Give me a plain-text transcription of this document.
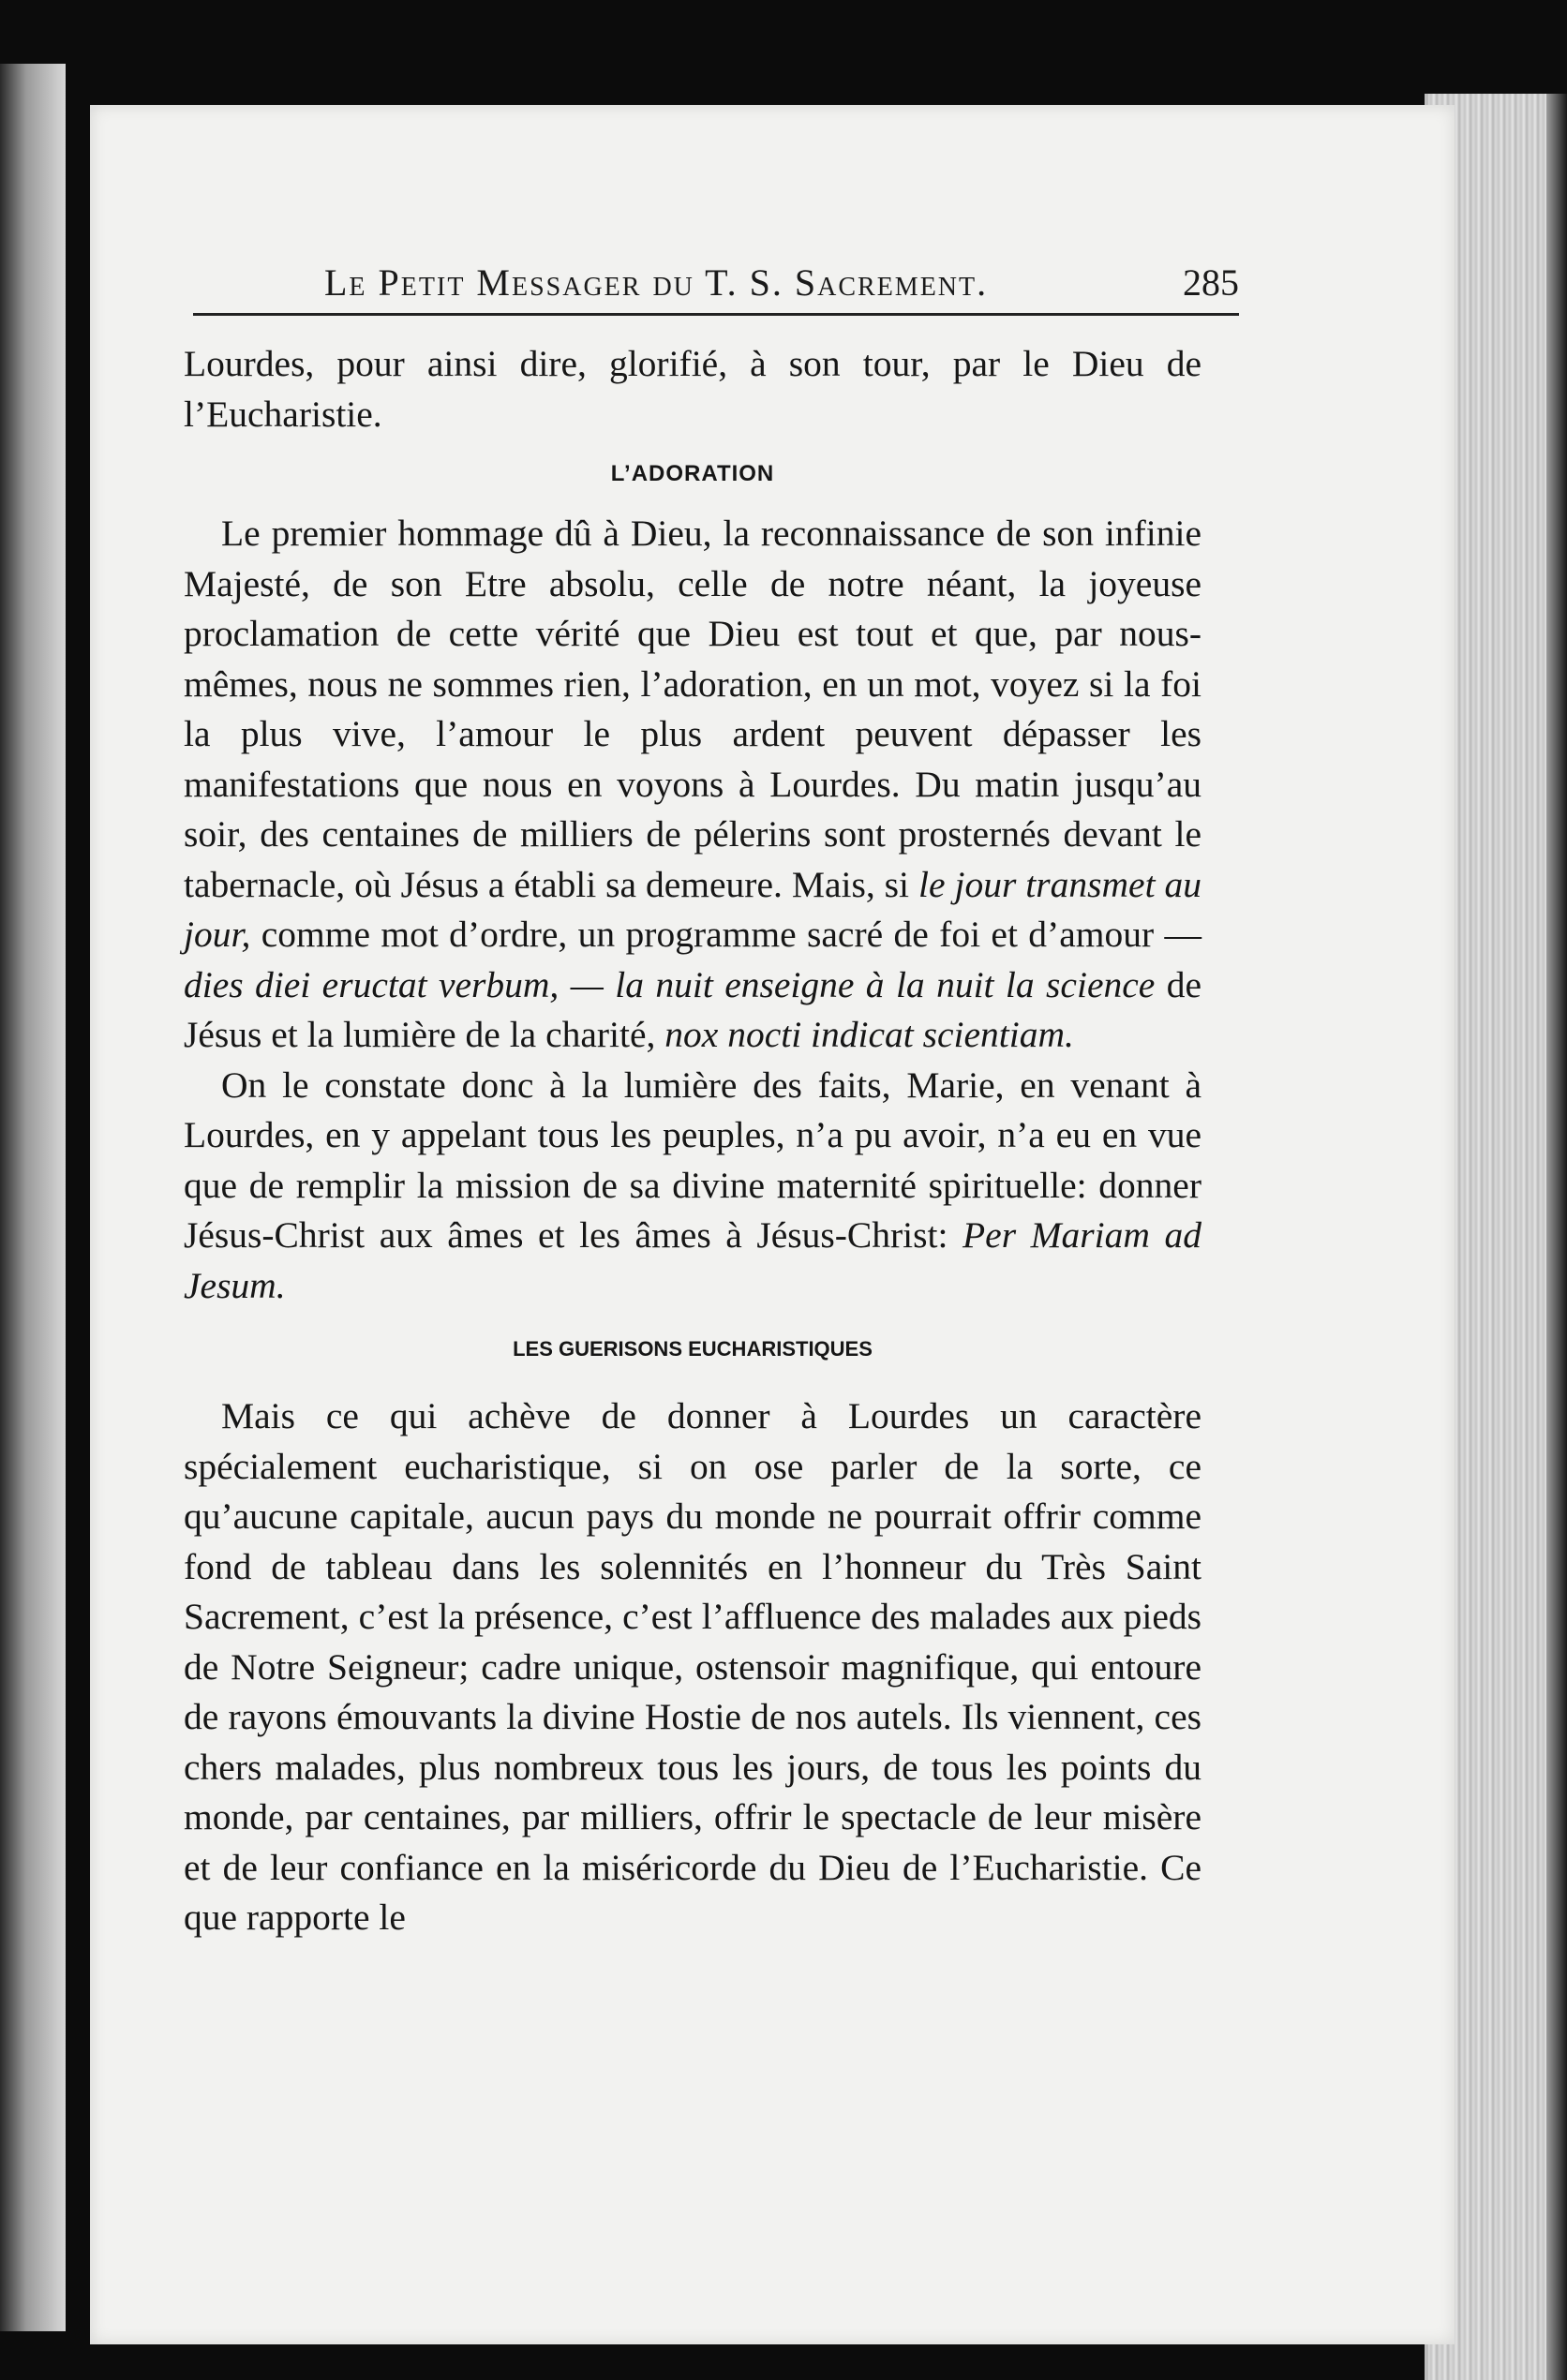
Le Petit Messager du T. S. Sacrement.	285

Lourdes, pour ainsi dire, glorifié, à son tour, par le Dieu de l’Eucharistie.

L’ADORATION

Le premier hommage dû à Dieu, la reconnaissance de son infinie Majesté, de son Etre absolu, celle de notre néant, la joyeuse proclamation de cette vérité que Dieu est tout et que, par nous-mêmes, nous ne sommes rien, l’adoration, en un mot, voyez si la foi la plus vive, l’amour le plus ardent peuvent dépasser les manifestations que nous en voyons à Lourdes. Du matin jusqu’au soir, des centaines de milliers de pélerins sont prosternés devant le tabernacle, où Jésus a établi sa demeure. Mais, si le jour transmet au jour, comme mot d’ordre, un programme sacré de foi et d’amour — dies diei eructat verbum, — la nuit enseigne à la nuit la science de Jésus et la lumière de la charité, nox nocti indicat scientiam.

On le constate donc à la lumière des faits, Marie, en venant à Lourdes, en y appelant tous les peuples, n’a pu avoir, n’a eu en vue que de remplir la mission de sa divine maternité spirituelle: donner Jésus-Christ aux âmes et les âmes à Jésus-Christ: Per Mariam ad Jesum.

LES GUERISONS EUCHARISTIQUES

Mais ce qui achève de donner à Lourdes un caractère spécialement eucharistique, si on ose parler de la sorte, ce qu’aucune capitale, aucun pays du monde ne pourrait offrir comme fond de tableau dans les solennités en l’honneur du Très Saint Sacrement, c’est la présence, c’est l’affluence des malades aux pieds de Notre Seigneur; cadre unique, ostensoir magnifique, qui entoure de rayons émouvants la divine Hostie de nos autels. Ils viennent, ces chers malades, plus nombreux tous les jours, de tous les points du monde, par centaines, par milliers, offrir le spectacle de leur misère et de leur confiance en la miséricorde du Dieu de l’Eucharistie. Ce que rapporte le
